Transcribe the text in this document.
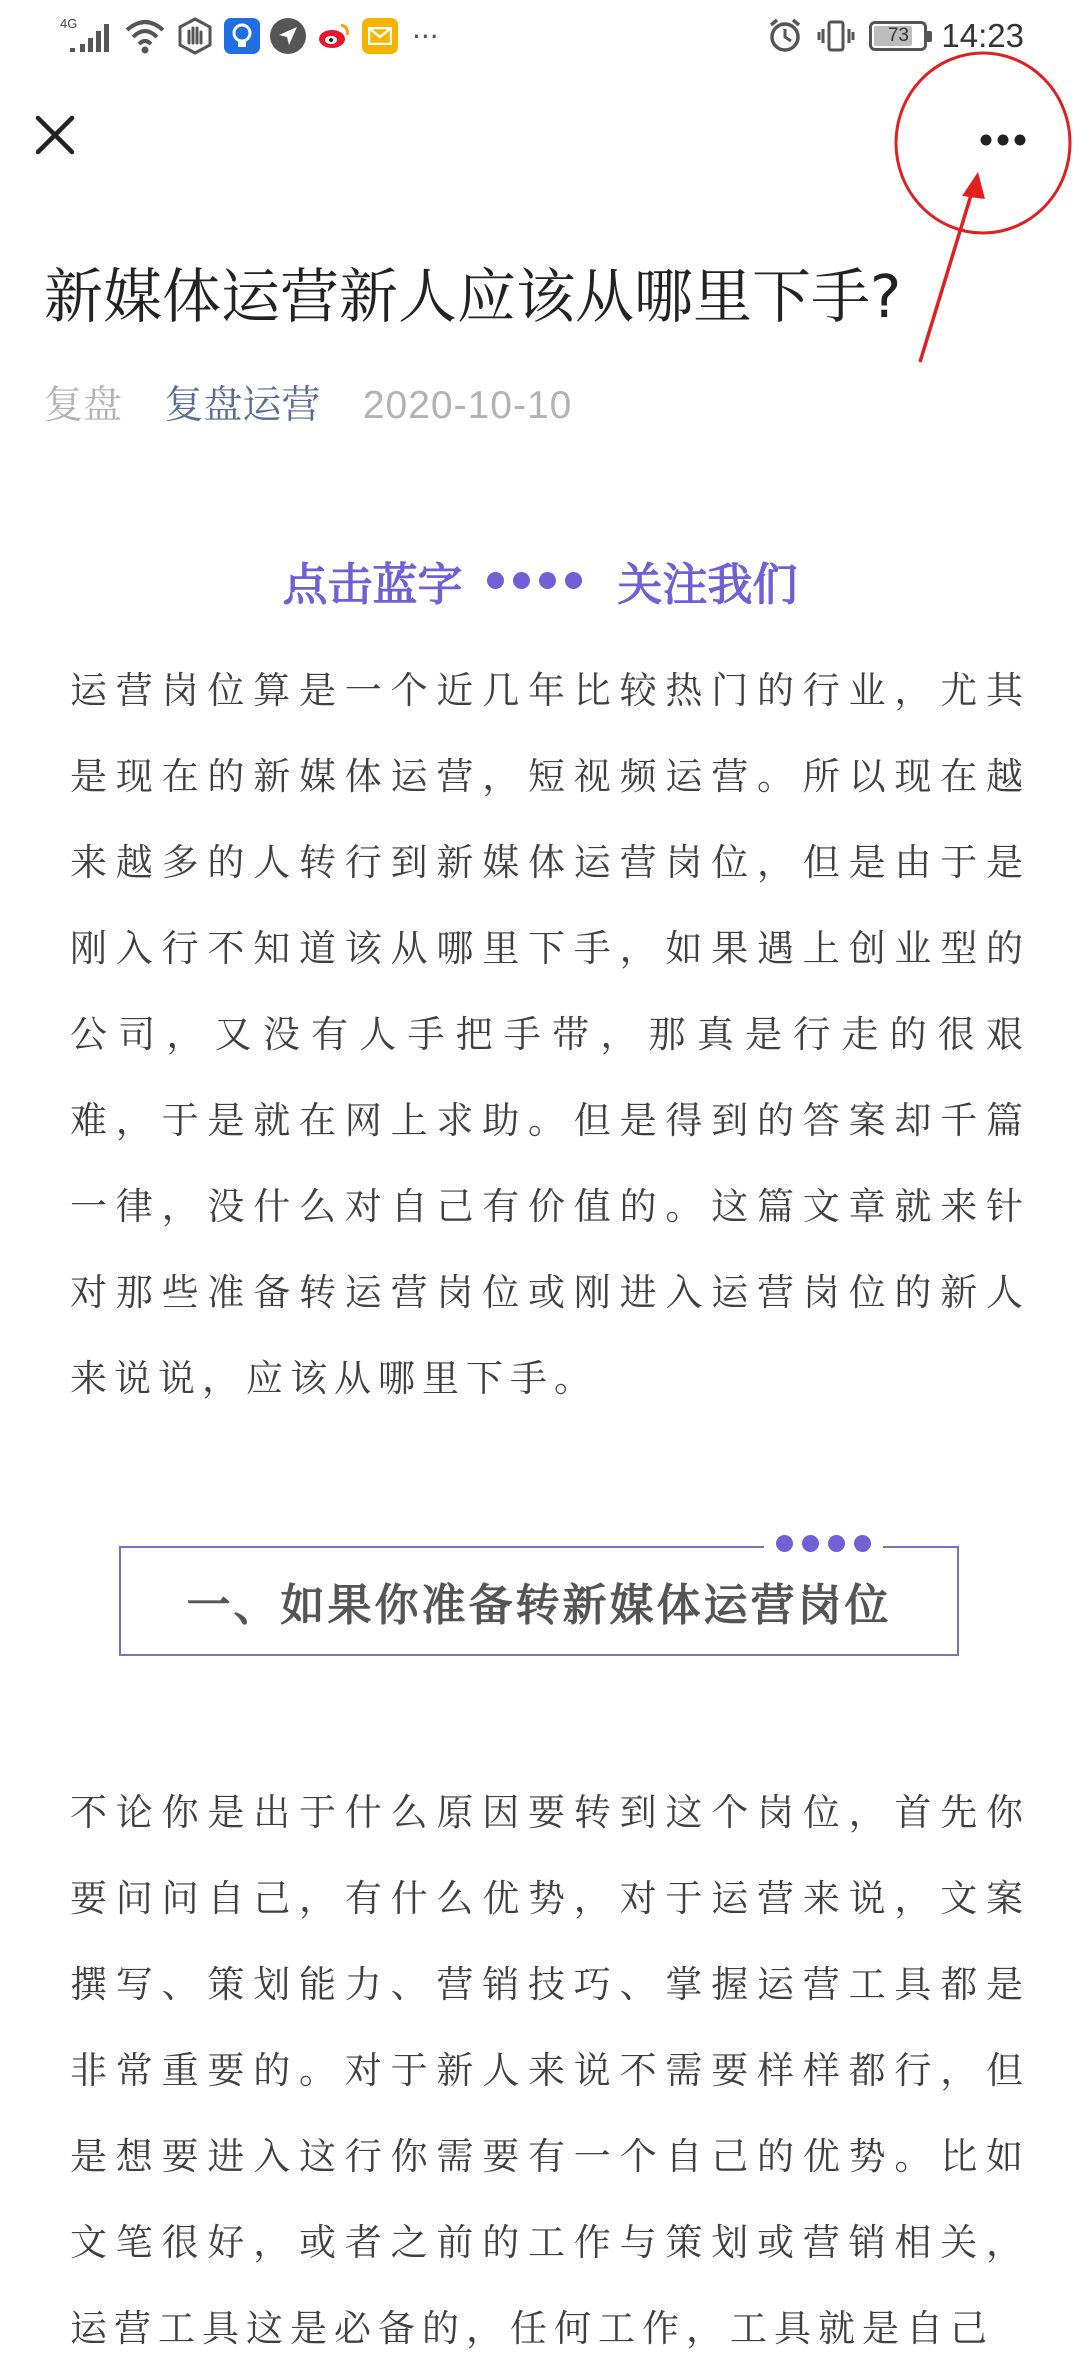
4G	···	73 14:23
新媒体运营新人应该从哪里下手?
复盘 复盘运营 2020-10-10
点击蓝字	关注我们

运营岗位算是一个近几年比较热门的行业，尤其是现在的新媒体运营，短视频运营。所以现在越来越多的人转行到新媒体运营岗位，但是由于是刚入行不知道该从哪里下手，如果遇上创业型的公司，又没有人手把手带，那真是行走的很艰难，于是就在网上求助。但是得到的答案却千篇一律，没什么对自己有价值的。这篇文章就来针对那些准备转运营岗位或刚进入运营岗位的新人来说说，应该从哪里下手。

一、如果你准备转新媒体运营岗位

不论你是出于什么原因要转到这个岗位，首先你要问问自己，有什么优势，对于运营来说，文案撰写、策划能力、营销技巧、掌握运营工具都是非常重要的。对于新人来说不需要样样都行，但是想要进入这行你需要有一个自己的优势。比如文笔很好，或者之前的工作与策划或营销相关，运营工具这是必备的，任何工作，工具就是自己
